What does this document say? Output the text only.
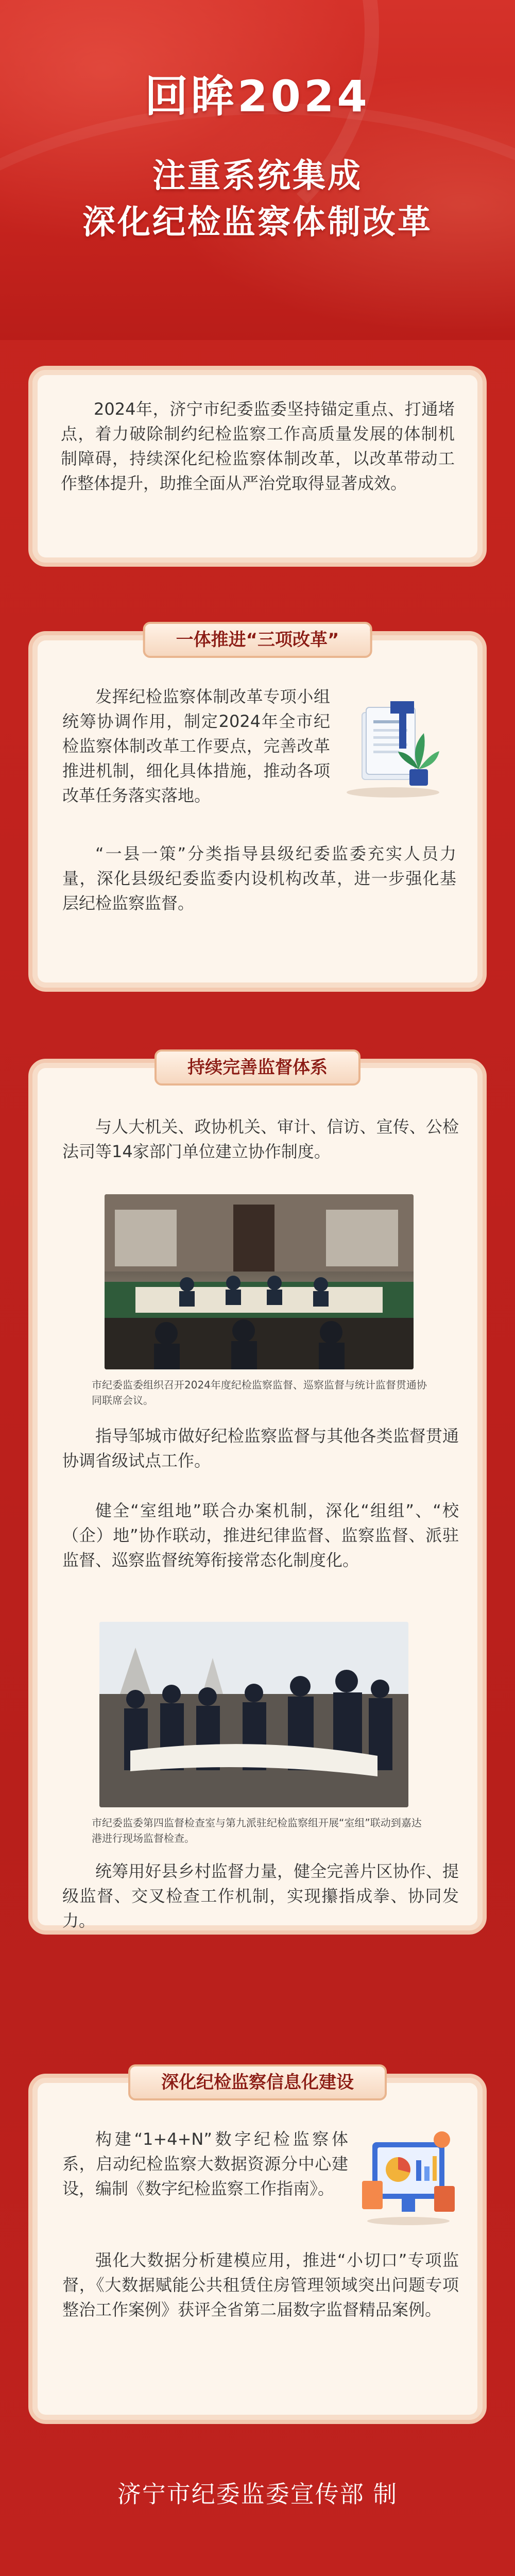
回眸2024
注重系统集成
深化纪检监察体制改革

2024年，济宁市纪委监委坚持锚定重点、打通堵点，着力破除制约纪检监察工作高质量发展的体制机制障碍，持续深化纪检监察体制改革，以改革带动工作整体提升，助推全面从严治党取得显著成效。

一体推进“三项改革”

发挥纪检监察体制改革专项小组统筹协调作用，制定2024年全市纪检监察体制改革工作要点，完善改革推进机制，细化具体措施，推动各项改革任务落实落地。

“一县一策”分类指导县级纪委监委充实人员力量，深化县级纪委监委内设机构改革，进一步强化基层纪检监察监督。

持续完善监督体系

与人大机关、政协机关、审计、信访、宣传、公检法司等14家部门单位建立协作制度。

市纪委监委组织召开2024年度纪检监察监督、巡察监督与统计监督贯通协同联席会议。

指导邹城市做好纪检监察监督与其他各类监督贯通协调省级试点工作。

健全“室组地”联合办案机制，深化“组组”、“校（企）地”协作联动，推进纪律监督、监察监督、派驻监督、巡察监督统筹衔接常态化制度化。

市纪委监委第四监督检查室与第九派驻纪检监察组开展“室组”联动到嘉达港进行现场监督检查。

统筹用好县乡村监督力量，健全完善片区协作、提级监督、交叉检查工作机制，实现攥指成拳、协同发力。

深化纪检监察信息化建设

构建“1+4+N”数字纪检监察体系，启动纪检监察大数据资源分中心建设，编制《数字纪检监察工作指南》。

强化大数据分析建模应用，推进“小切口”专项监督，《大数据赋能公共租赁住房管理领域突出问题专项整治工作案例》获评全省第二届数字监督精品案例。

济宁市纪委监委宣传部 制
